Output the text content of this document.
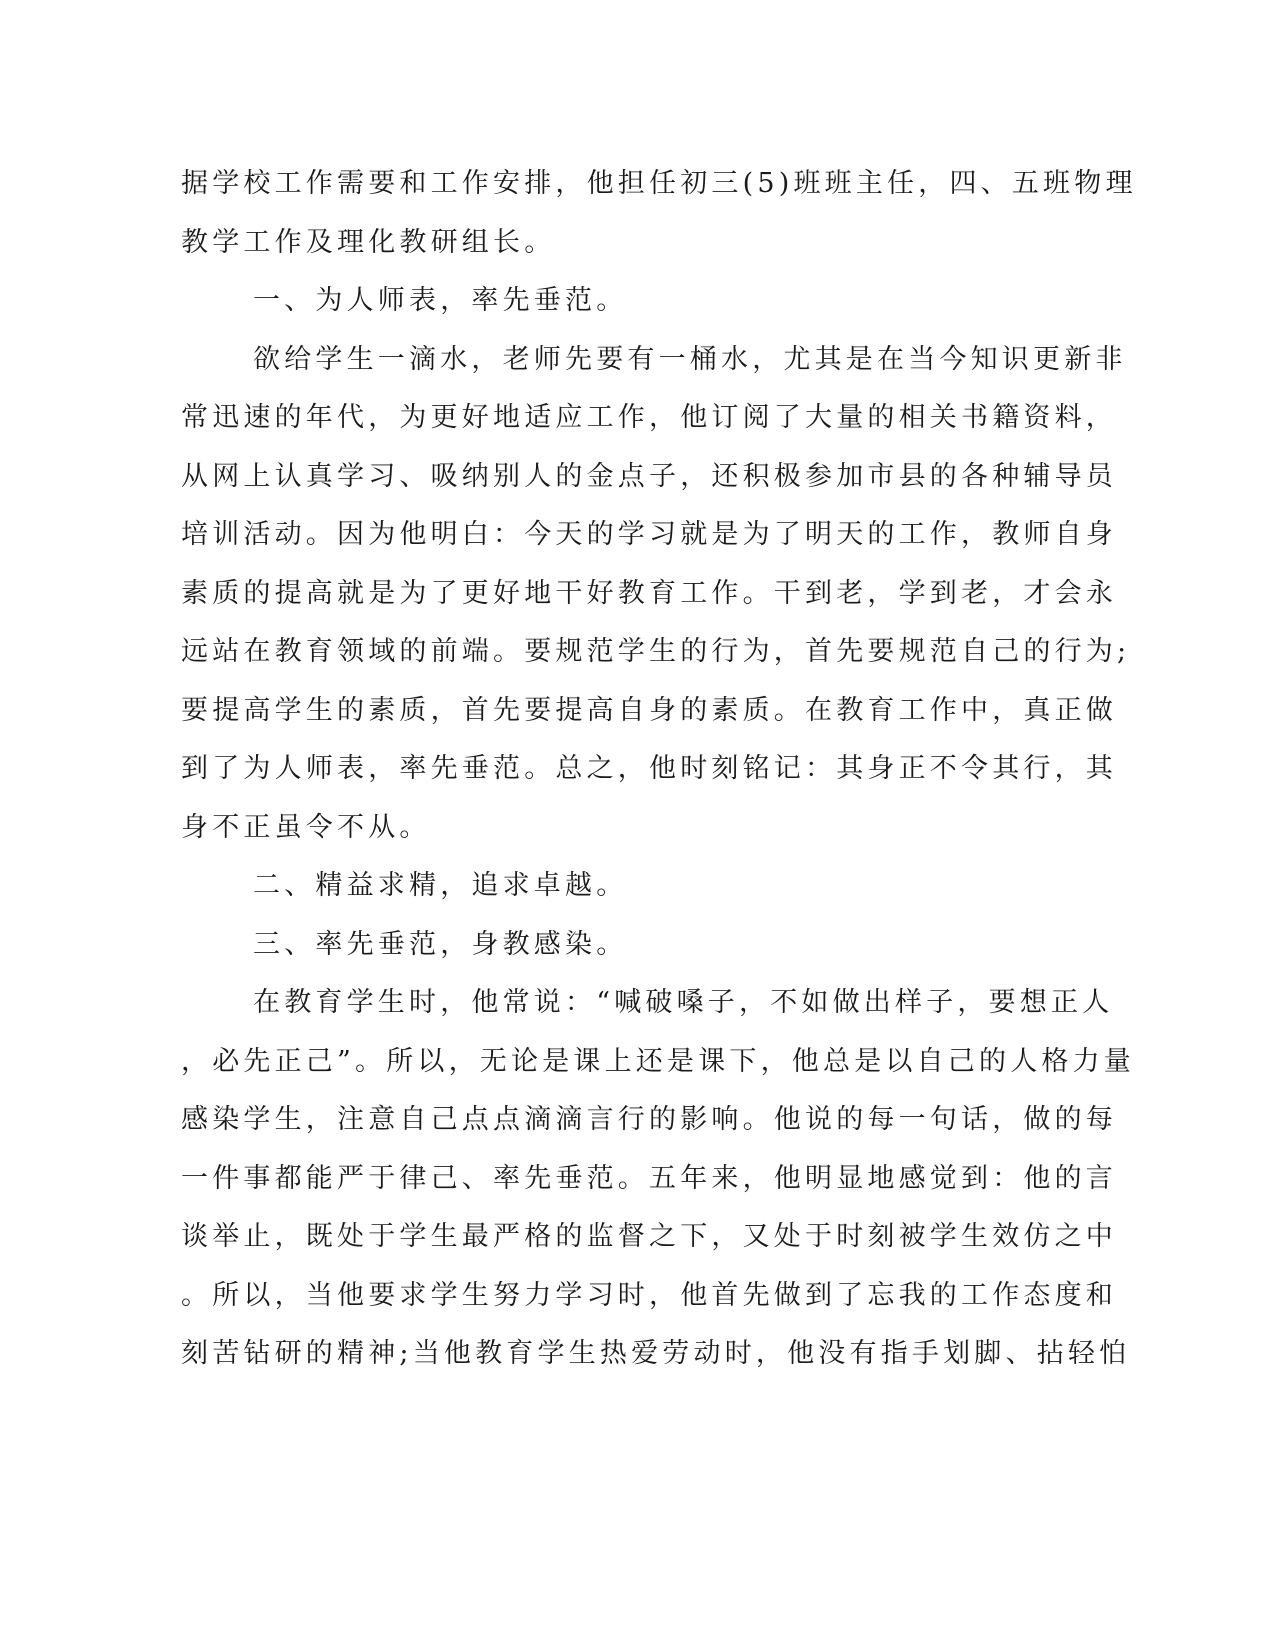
据学校工作需要和工作安排，他担任初三(5)班班主任，四、五班物理
教学工作及理化教研组长。
一、为人师表，率先垂范。
欲给学生一滴水，老师先要有一桶水，尤其是在当今知识更新非
常迅速的年代，为更好地适应工作，他订阅了大量的相关书籍资料，
从网上认真学习、吸纳别人的金点子，还积极参加市县的各种辅导员
培训活动。因为他明白：今天的学习就是为了明天的工作，教师自身
素质的提高就是为了更好地干好教育工作。干到老，学到老，才会永
远站在教育领域的前端。要规范学生的行为，首先要规范自己的行为;
要提高学生的素质，首先要提高自身的素质。在教育工作中，真正做
到了为人师表，率先垂范。总之，他时刻铭记：其身正不令其行，其
身不正虽令不从。
二、精益求精，追求卓越。
三、率先垂范，身教感染。
在教育学生时，他常说：“喊破嗓子，不如做出样子，要想正人
，必先正己”。所以，无论是课上还是课下，他总是以自己的人格力量
感染学生，注意自己点点滴滴言行的影响。他说的每一句话，做的每
一件事都能严于律己、率先垂范。五年来，他明显地感觉到：他的言
谈举止，既处于学生最严格的监督之下，又处于时刻被学生效仿之中
。所以，当他要求学生努力学习时，他首先做到了忘我的工作态度和
刻苦钻研的精神;当他教育学生热爱劳动时，他没有指手划脚、拈轻怕
